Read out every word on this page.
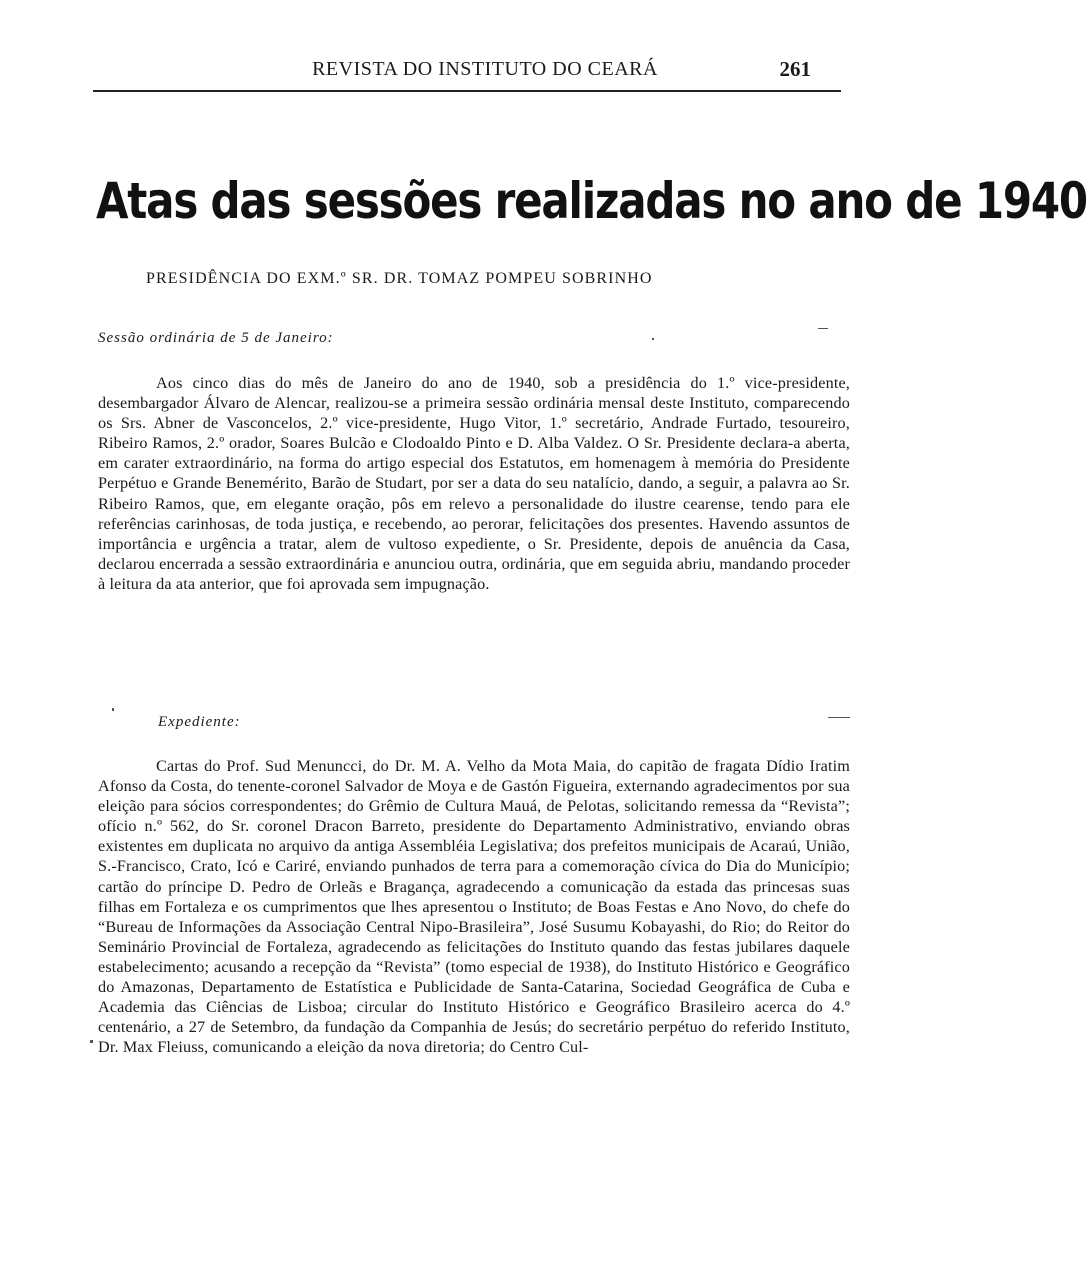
REVISTA DO INSTITUTO DO CEARÁ	261
Atas das sessões realizadas no ano de 1940
PRESIDÊNCIA DO EXM.º SR. DR. TOMAZ POMPEU SOBRINHO
Sessão ordinária de 5 de Janeiro:

Aos cinco dias do mês de Janeiro do ano de 1940, sob a presidência do 1.º vice-presidente, desembargador Álvaro de Alencar, realizou-se a primeira sessão ordinária mensal deste Instituto, comparecendo os Srs. Abner de Vasconcelos, 2.º vice-presidente, Hugo Vitor, 1.º secretário, Andrade Furtado, tesoureiro, Ribeiro Ramos, 2.º orador, Soares Bulcão e Clodoaldo Pinto e D. Alba Valdez. O Sr. Presidente declara-a aberta, em carater extraordinário, na forma do artigo especial dos Estatutos, em homenagem à memória do Presidente Perpétuo e Grande Benemérito, Barão de Studart, por ser a data do seu natalício, dando, a seguir, a palavra ao Sr. Ribeiro Ramos, que, em elegante oração, pôs em relevo a personalidade do ilustre cearense, tendo para ele referências carinhosas, de toda justiça, e recebendo, ao perorar, felicitações dos presentes. Havendo assuntos de importância e urgência a tratar, alem de vultoso expediente, o Sr. Presidente, depois de anuência da Casa, declarou encerrada a sessão extraordinária e anunciou outra, ordinária, que em seguida abriu, mandando proceder à leitura da ata anterior, que foi aprovada sem impugnação.

Expediente:

Cartas do Prof. Sud Menuncci, do Dr. M. A. Velho da Mota Maia, do capitão de fragata Dídio Iratim Afonso da Costa, do tenente-coronel Salvador de Moya e de Gastón Figueira, externando agradecimentos por sua eleição para sócios correspondentes; do Grêmio de Cultura Mauá, de Pelotas, solicitando remessa da “Revista”; ofício n.º 562, do Sr. coronel Dracon Barreto, presidente do Departamento Administrativo, enviando obras existentes em duplicata no arquivo da antiga Assembléia Legislativa; dos prefeitos municipais de Acaraú, União, S.-Francisco, Crato, Icó e Cariré, enviando punhados de terra para a comemoração cívica do Dia do Município; cartão do príncipe D. Pedro de Orleãs e Bragança, agradecendo a comunicação da estada das princesas suas filhas em Fortaleza e os cumprimentos que lhes apresentou o Instituto; de Boas Festas e Ano Novo, do chefe do “Bureau de Informações da Associação Central Nipo-Brasileira”, José Susumu Kobayashi, do Rio; do Reitor do Seminário Provincial de Fortaleza, agradecendo as felicitações do Instituto quando das festas jubilares daquele estabelecimento; acusando a recepção da “Revista” (tomo especial de 1938), do Instituto Histórico e Geográfico do Amazonas, Departamento de Estatística e Publicidade de Santa-Catarina, Sociedad Geográfica de Cuba e Academia das Ciências de Lisboa; circular do Instituto Histórico e Geográfico Brasileiro acerca do 4.º centenário, a 27 de Setembro, da fundação da Companhia de Jesús; do secretário perpétuo do referido Instituto, Dr. Max Fleiuss, comunicando a eleição da nova diretoria; do Centro Cul-
